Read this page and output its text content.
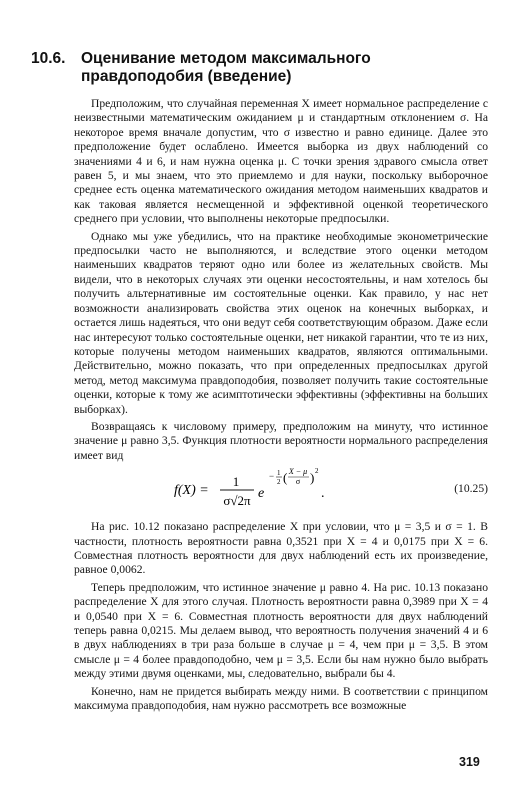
10.6. Оценивание методом максимального правдоподобия (введение)

Предположим, что случайная переменная X имеет нормальное распределение с неизвестными математическим ожиданием μ и стандартным отклонением σ. На некоторое время вначале допустим, что σ известно и равно единице. Далее это предположение будет ослаблено. Имеется выборка из двух наблюдений со значениями 4 и 6, и нам нужна оценка μ. С точки зрения здравого смысла ответ равен 5, и мы знаем, что это приемлемо и для науки, поскольку выборочное среднее есть оценка математического ожидания методом наименьших квадратов и как таковая является несмещенной и эффективной оценкой теоретического среднего при условии, что выполнены некоторые предпосылки.

Однако мы уже убедились, что на практике необходимые эконометрические предпосылки часто не выполняются, и вследствие этого оценки методом наименьших квадратов теряют одно или более из желательных свойств. Мы видели, что в некоторых случаях эти оценки несостоятельны, и нам хотелось бы получить альтернативные им состоятельные оценки. Как правило, у нас нет возможности анализировать свойства этих оценок на конечных выборках, и остается лишь надеяться, что они ведут себя соответствующим образом. Даже если нас интересуют только состоятельные оценки, нет никакой гарантии, что те из них, которые получены методом наименьших квадратов, являются оптимальными. Действительно, можно показать, что при определенных предпосылках другой метод, метод максимума правдоподобия, позволяет получить такие состоятельные оценки, которые к тому же асимптотически эффективны (эффективны на больших выборках).

Возвращаясь к числовому примеру, предположим на минуту, что истинное значение μ равно 3,5. Функция плотности вероятности нормального распределения имеет вид

f(X) =
1
σ√2π e
− 1
2 ( X − μ
σ ) 2
.	(10.25)

На рис. 10.12 показано распределение X при условии, что μ = 3,5 и σ = 1. В частности, плотность вероятности равна 0,3521 при X = 4 и 0,0175 при X = 6. Совместная плотность вероятности для двух наблюдений есть их произведение, равное 0,0062.

Теперь предположим, что истинное значение μ равно 4. На рис. 10.13 показано распределение X для этого случая. Плотность вероятности равна 0,3989 при X = 4 и 0,0540 при X = 6. Совместная плотность вероятности для двух наблюдений теперь равна 0,0215. Мы делаем вывод, что вероятность получения значений 4 и 6 в двух наблюдениях в три раза больше в случае μ = 4, чем при μ = 3,5. В этом смысле μ = 4 более правдоподобно, чем μ = 3,5. Если бы нам нужно было выбрать между этими двумя оценками, мы, следовательно, выбрали бы 4.

Конечно, нам не придется выбирать между ними. В соответствии с принципом максимума правдоподобия, нам нужно рассмотреть все возможные

319
